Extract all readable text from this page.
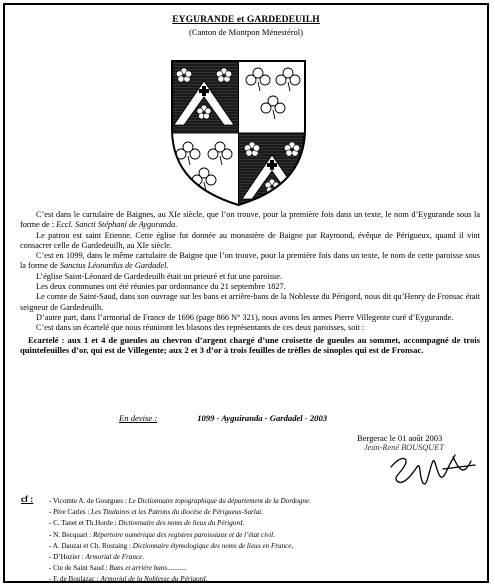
EYGURANDE et GARDEDEUILH
(Canton de Montpon Ménestérol)

C’est dans le cartulaire de Baignes, au XIe siècle, que l’on trouve, pour la première fois dans un texte, le nom d’Eygurande sous la forme de : Eccl. Sancti Stéphani de Ayguranda.

Le patron est saint Etienne. Cette église fut donnée au monastère de Baigne par Raymond, évêque de Périgueux, quand il vint consacrer celle de Gardedeuilh, au XIe siècle.

C’est en 1099, dans le même cartulaire de Baigne que l’on trouve, pour la première fois dans un texte, le nom de cette paroisse sous la forme de Sanctus Léonardus de Gardadel.

L’église Saint-Léonard de Gardedeuilh était un prieuré et fut une paroisse.

Les deux communes ont été réunies par ordonnance du 21 septembre 1827.

Le comte de Saint-Saud, dans son ouvrage sur les bans et arrière-bans de la Noblesse du Périgord, nous dit qu’Henry de Fronsac était seigneur de Gardedeuilh.

D’autre part, dans l’armorial de France de 1696 (page 866 N° 321), nous avons les armes Pierre Villegente curé d’Eygurande.

C’est dans un écartelé que nous réuniront les blasons des représentants de ces deux paroisses, soit :

Ecartelé : aux 1 et 4 de gueules au chevron d’argent chargé d’une croisette de gueules au sommet, accompagné de trois quintefeuilles d’or, qui est de Villegente; aux 2 et 3 d’or à trois feuilles de trèfles de sinoples qui est de Fronsac.

En devise :	1099 - Ayguiranda - Gardadel - 2003
Bergerac le 01 août 2003
Jean-René BOUSQUET
cf : - Vicomte A. de Gourgues : Le Dictionnaire topographique du département de la Dordogne.
- Père Carles : Les Titulaires et les Patrons du diocèse de Périgueux-Sarlat.
- C. Tanet et Th.Horde : Dictionnaire des noms de lieux du Périgord.
- N. Becquart : Répertoire numérique des registres paroissiaux et de l’état civil.
- A. Dauzat et Ch. Rostaing : Dictionnaire étymologique des noms de lieux en France,
- D’Hozier : Armorial de France.
- Cte de Saint Saud : Bans et arrière bans...........
- F. de Boulazac : Armorial de la Noblesse du Périgord.
